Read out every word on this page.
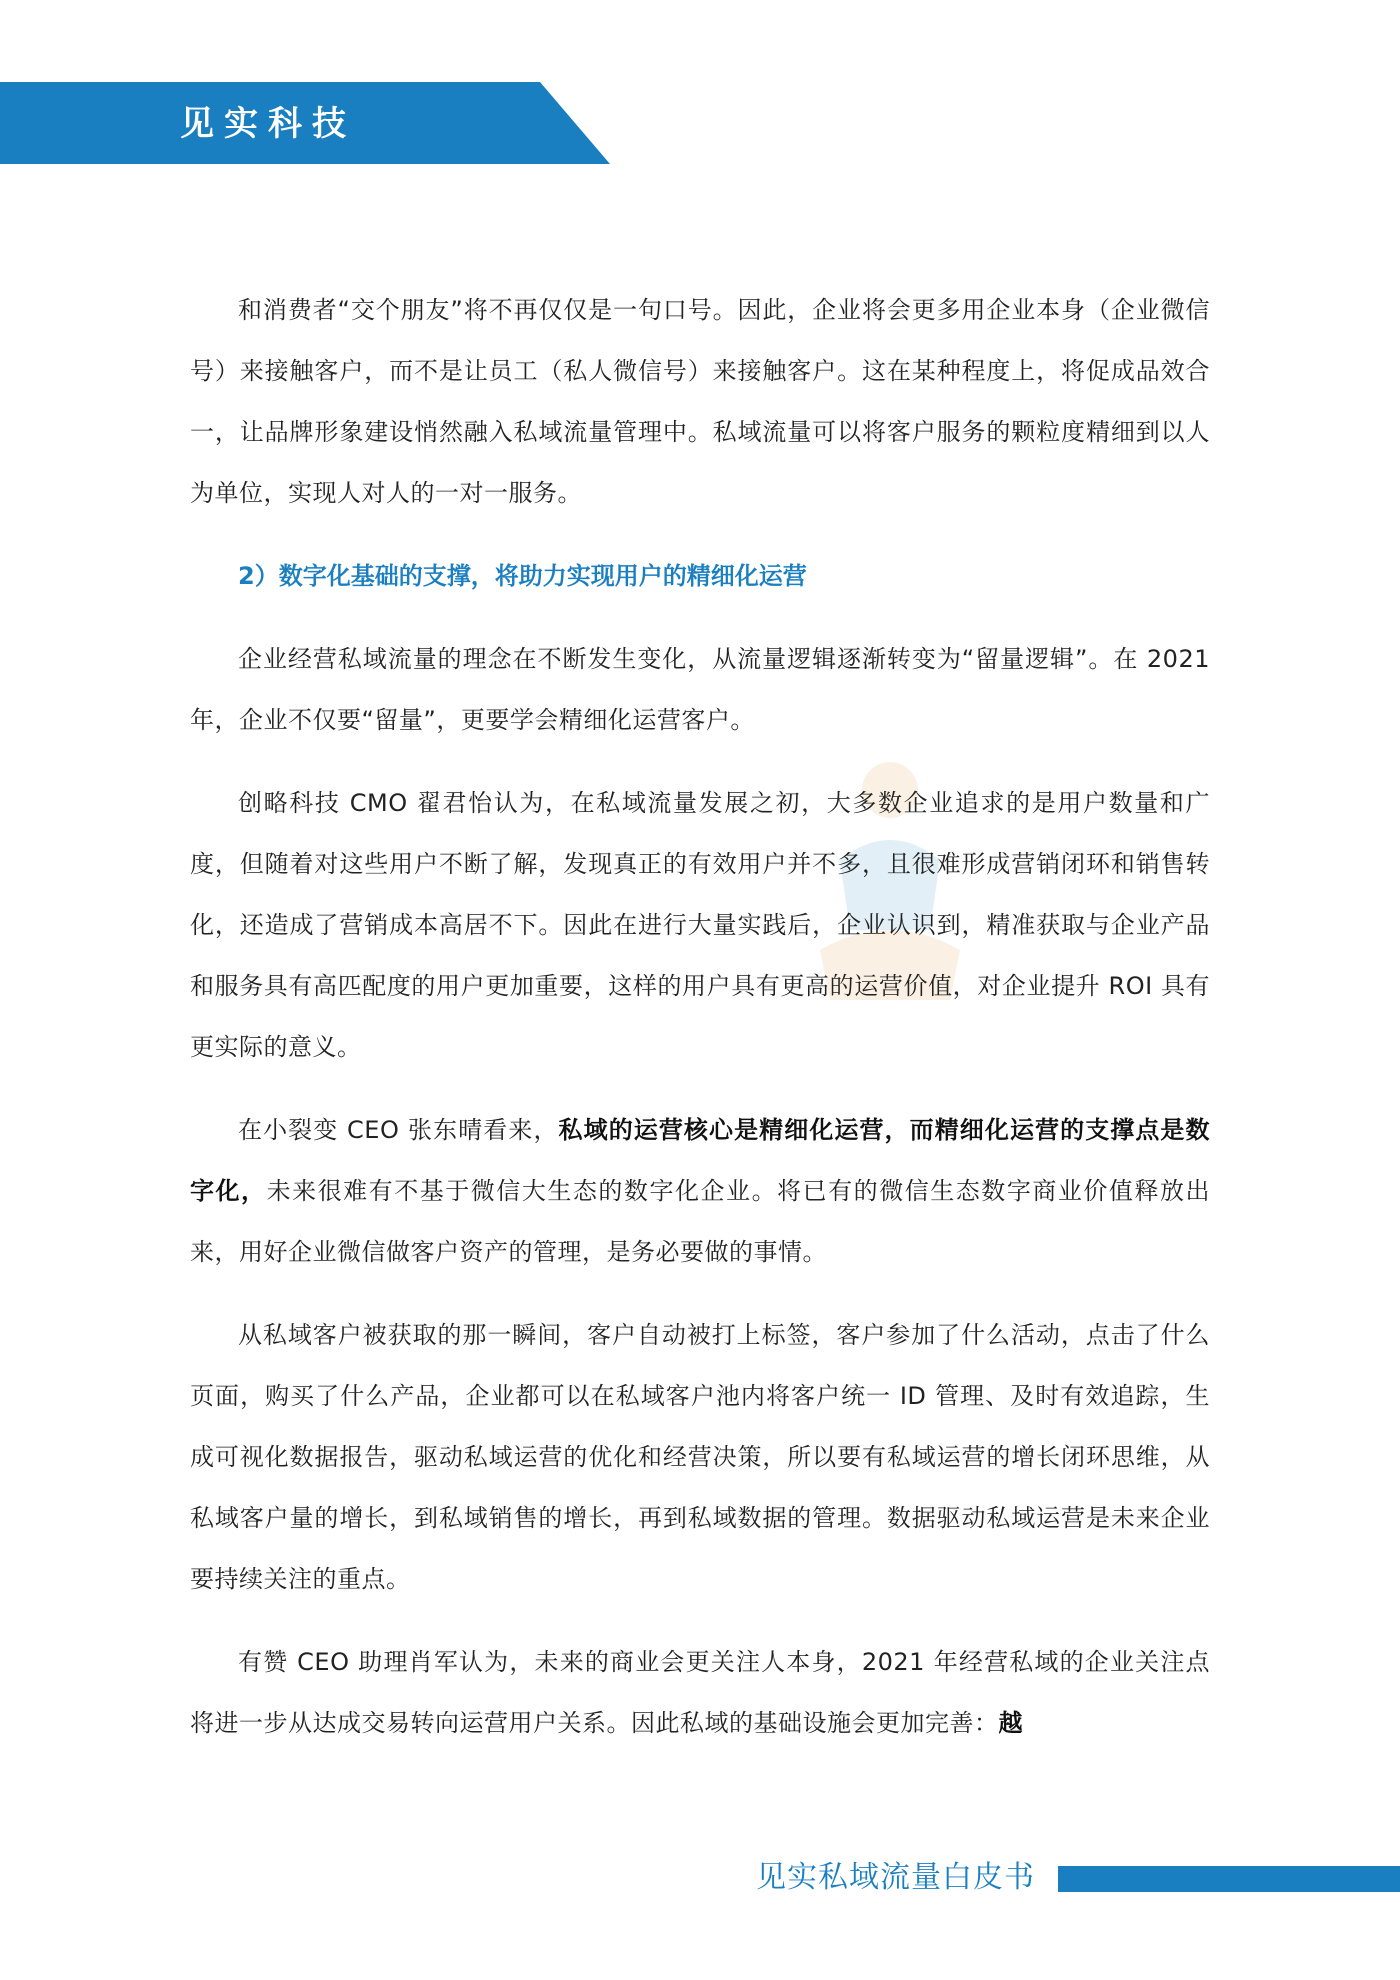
见实科技

和消费者“交个朋友”将不再仅仅是一句口号。因此，企业将会更多用企业本身（企业微信号）来接触客户，而不是让员工（私人微信号）来接触客户。这在某种程度上，将促成品效合一，让品牌形象建设悄然融入私域流量管理中。私域流量可以将客户服务的颗粒度精细到以人为单位，实现人对人的一对一服务。

2）数字化基础的支撑，将助力实现用户的精细化运营

企业经营私域流量的理念在不断发生变化，从流量逻辑逐渐转变为“留量逻辑”。在 2021 年，企业不仅要“留量”，更要学会精细化运营客户。

创略科技 CMO 翟君怡认为，在私域流量发展之初，大多数企业追求的是用户数量和广度，但随着对这些用户不断了解，发现真正的有效用户并不多，且很难形成营销闭环和销售转化，还造成了营销成本高居不下。因此在进行大量实践后，企业认识到，精准获取与企业产品和服务具有高匹配度的用户更加重要，这样的用户具有更高的运营价值，对企业提升 ROI 具有更实际的意义。

在小裂变 CEO 张东晴看来，私域的运营核心是精细化运营，而精细化运营的支撑点是数字化，未来很难有不基于微信大生态的数字化企业。将已有的微信生态数字商业价值释放出来，用好企业微信做客户资产的管理，是务必要做的事情。

从私域客户被获取的那一瞬间，客户自动被打上标签，客户参加了什么活动，点击了什么页面，购买了什么产品，企业都可以在私域客户池内将客户统一 ID 管理、及时有效追踪，生成可视化数据报告，驱动私域运营的优化和经营决策，所以要有私域运营的增长闭环思维，从私域客户量的增长，到私域销售的增长，再到私域数据的管理。数据驱动私域运营是未来企业要持续关注的重点。

有赞 CEO 助理肖军认为，未来的商业会更关注人本身，2021 年经营私域的企业关注点将进一步从达成交易转向运营用户关系。因此私域的基础设施会更加完善：越

见实私域流量白皮书
